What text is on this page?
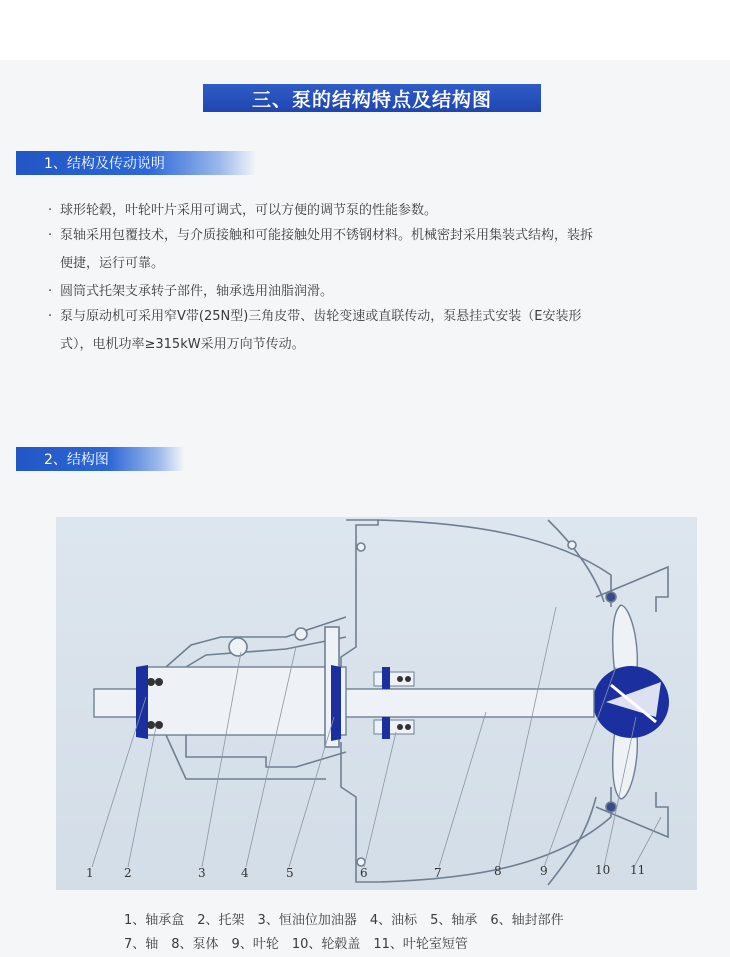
三、泵的结构特点及结构图
1、结构及传动说明
· 球形轮毂，叶轮叶片采用可调式，可以方便的调节泵的性能参数。
· 泵轴采用包覆技术，与介质接触和可能接触处用不锈钢材料。机械密封采用集装式结构，装拆
便捷，运行可靠。
· 圆筒式托架支承转子部件，轴承选用油脂润滑。
· 泵与原动机可采用窄V带(25N型)三角皮带、齿轮变速或直联传动，泵悬挂式安装（E安装形
式），电机功率≥315kW采用万向节传动。
2、结构图
1	2	3	4	5	6	7	8	9	10 11
1、轴承盒　2、托架　3、恒油位加油器　4、油标　5、轴承　6、轴封部件
7、轴　8、泵体　9、叶轮　10、轮毂盖　11、叶轮室短管
